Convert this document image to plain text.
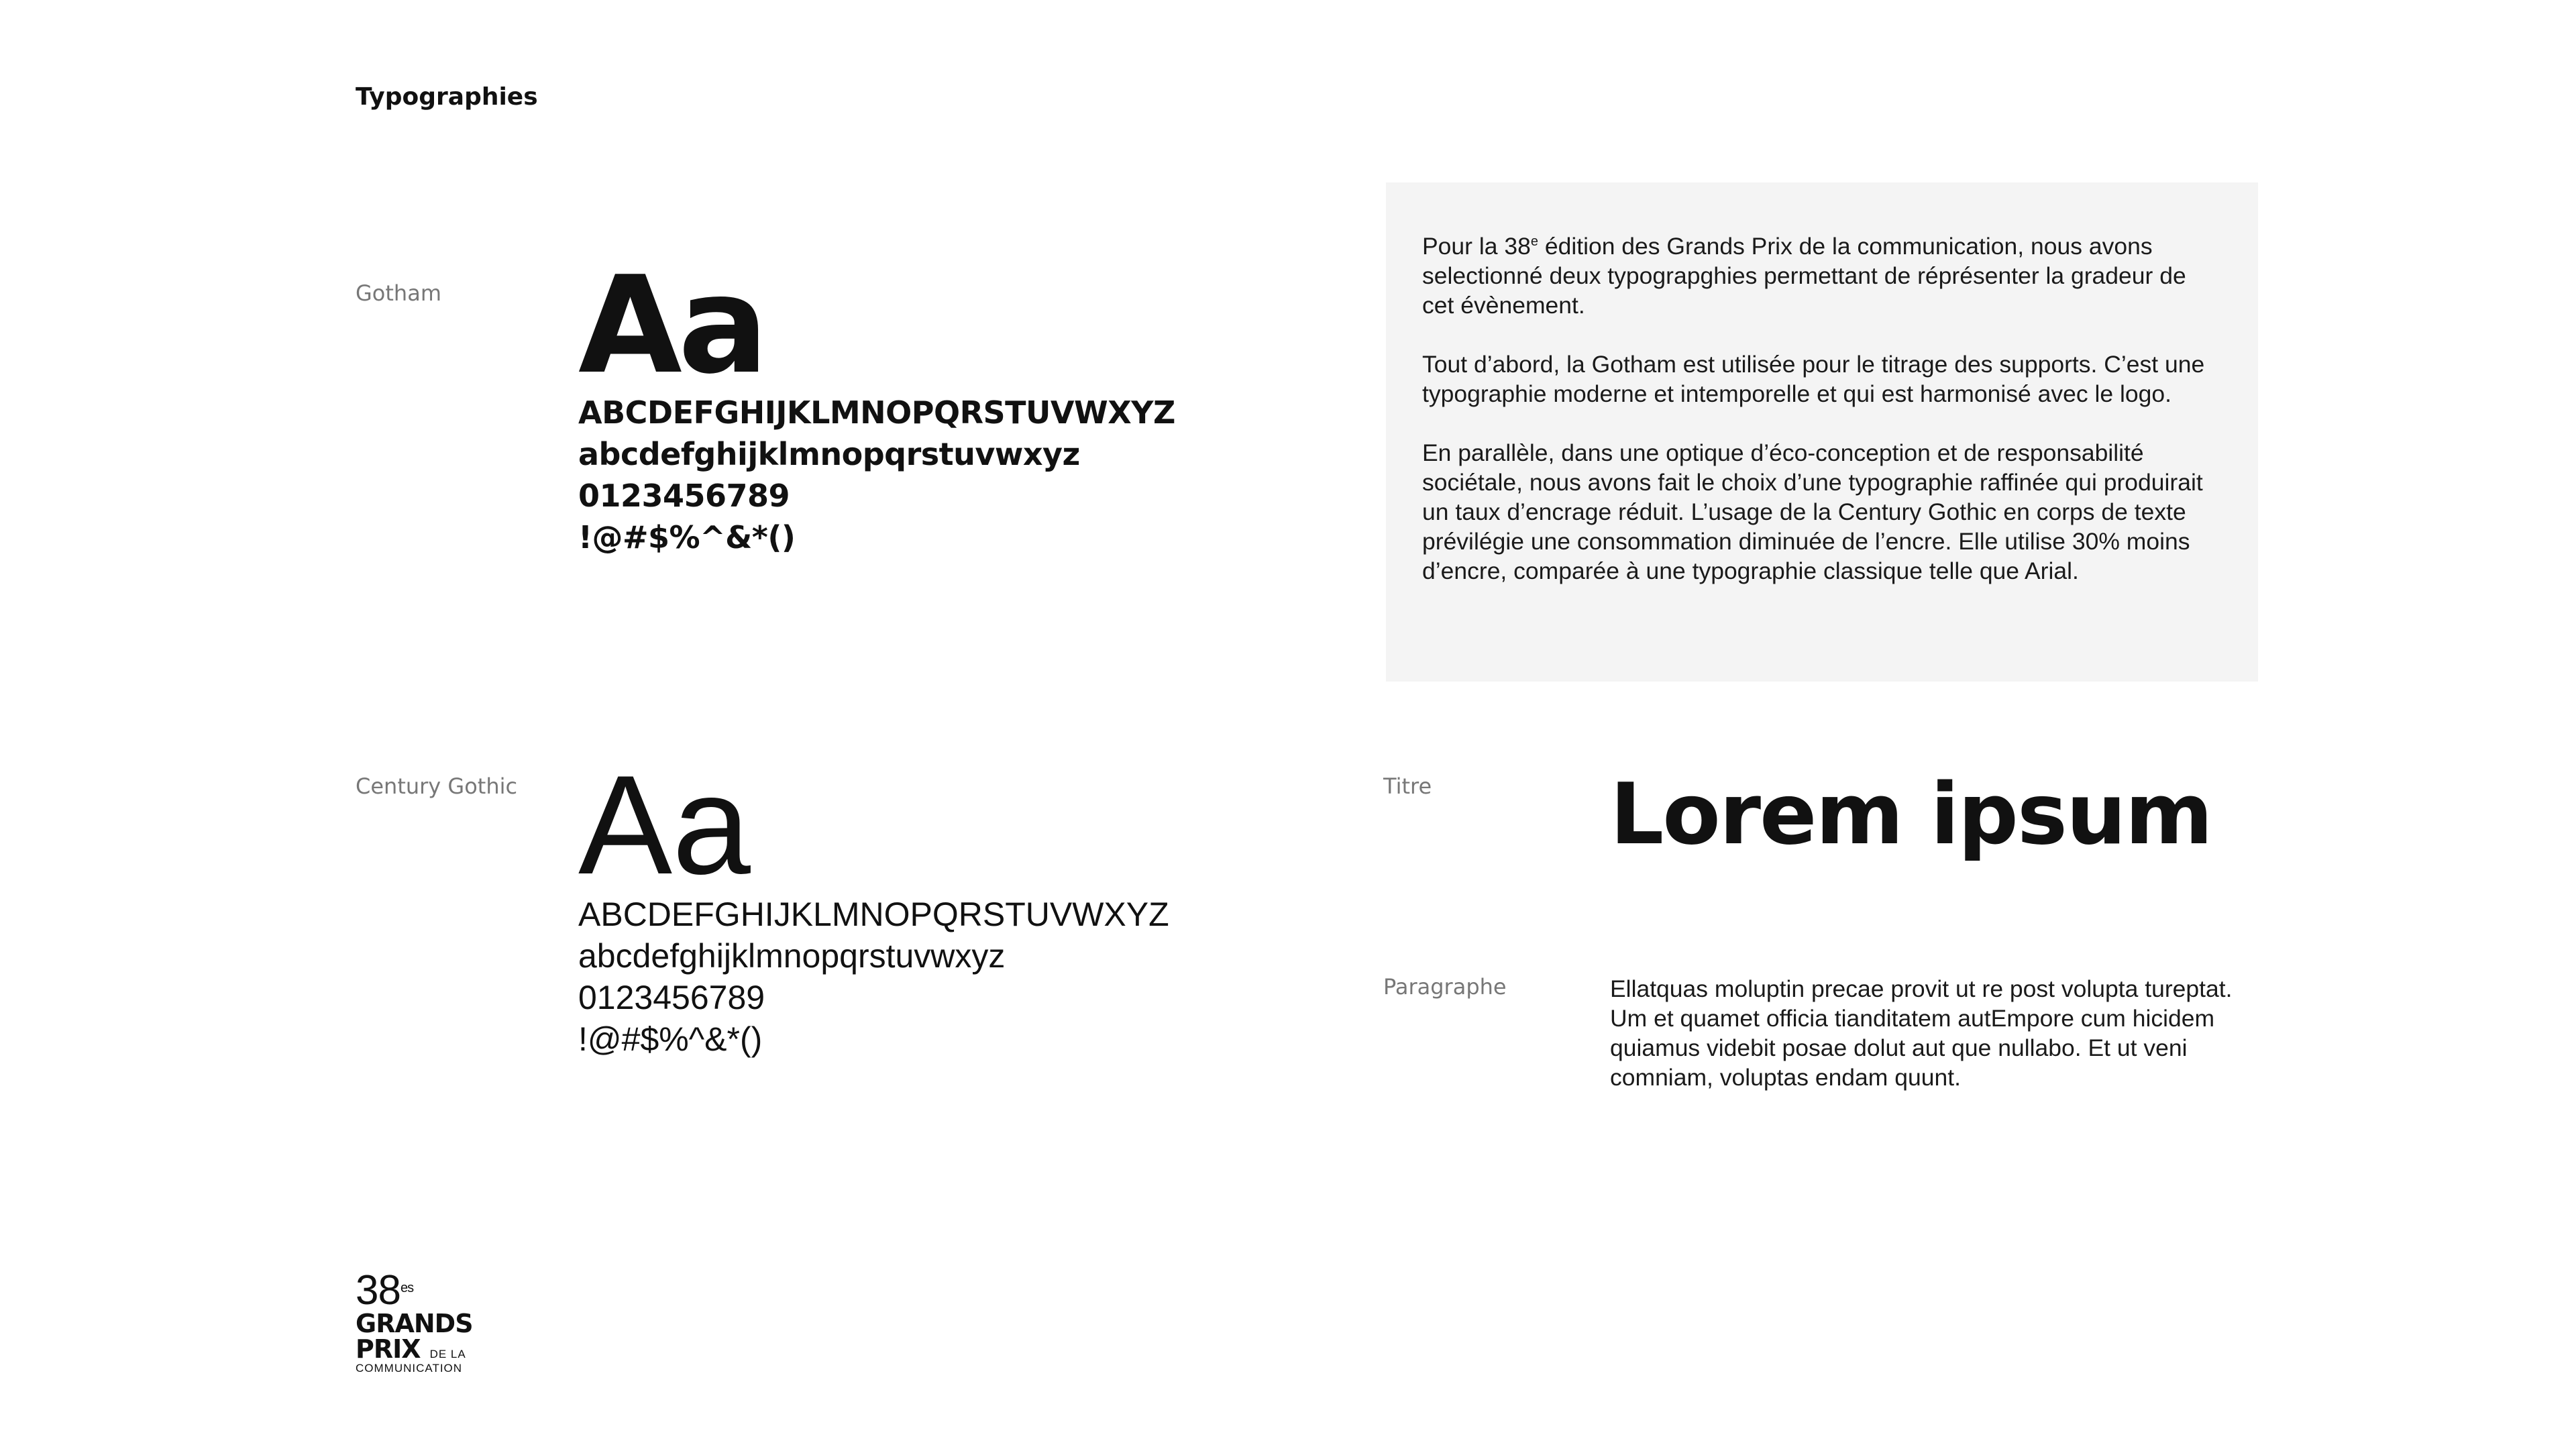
Typographies
Gotham Aa
ABCDEFGHIJKLMNOPQRSTUVWXYZ
abcdefghijklmnopqrstuvwxyz
0123456789
!@#$%^&*()

Pour la 38e édition des Grands Prix de la communication, nous avons selectionné deux typograpghies permettant de réprésenter la gradeur de cet évènement.

Tout d’abord, la Gotham est utilisée pour le titrage des supports. C’est une typographie moderne et intemporelle et qui est harmonisé avec le logo.

En parallèle, dans une optique d’éco-conception et de responsabilité sociétale, nous avons fait le choix d’une typographie raffinée qui produirait un taux d’encrage réduit. L’usage de la Century Gothic en corps de texte prévilégie une consommation diminuée de l’encre. Elle utilise 30% moins d’encre, comparée à une typographie classique telle que Arial.

Century Gothic Aa
ABCDEFGHIJKLMNOPQRSTUVWXYZ
abcdefghijklmnopqrstuvwxyz
0123456789
!@#$%^&*()
Titre Lorem ipsum
Paragraphe	Ellatquas moluptin precae provit ut re post volupta tureptat. Um et quamet officia tianditatem autEmpore cum hicidem quiamus videbit posae dolut aut que nullabo. Et ut veni comniam, voluptas endam quunt.

$38^{es}$
GRANDS
PRIX DE LA
COMMUNICATION
